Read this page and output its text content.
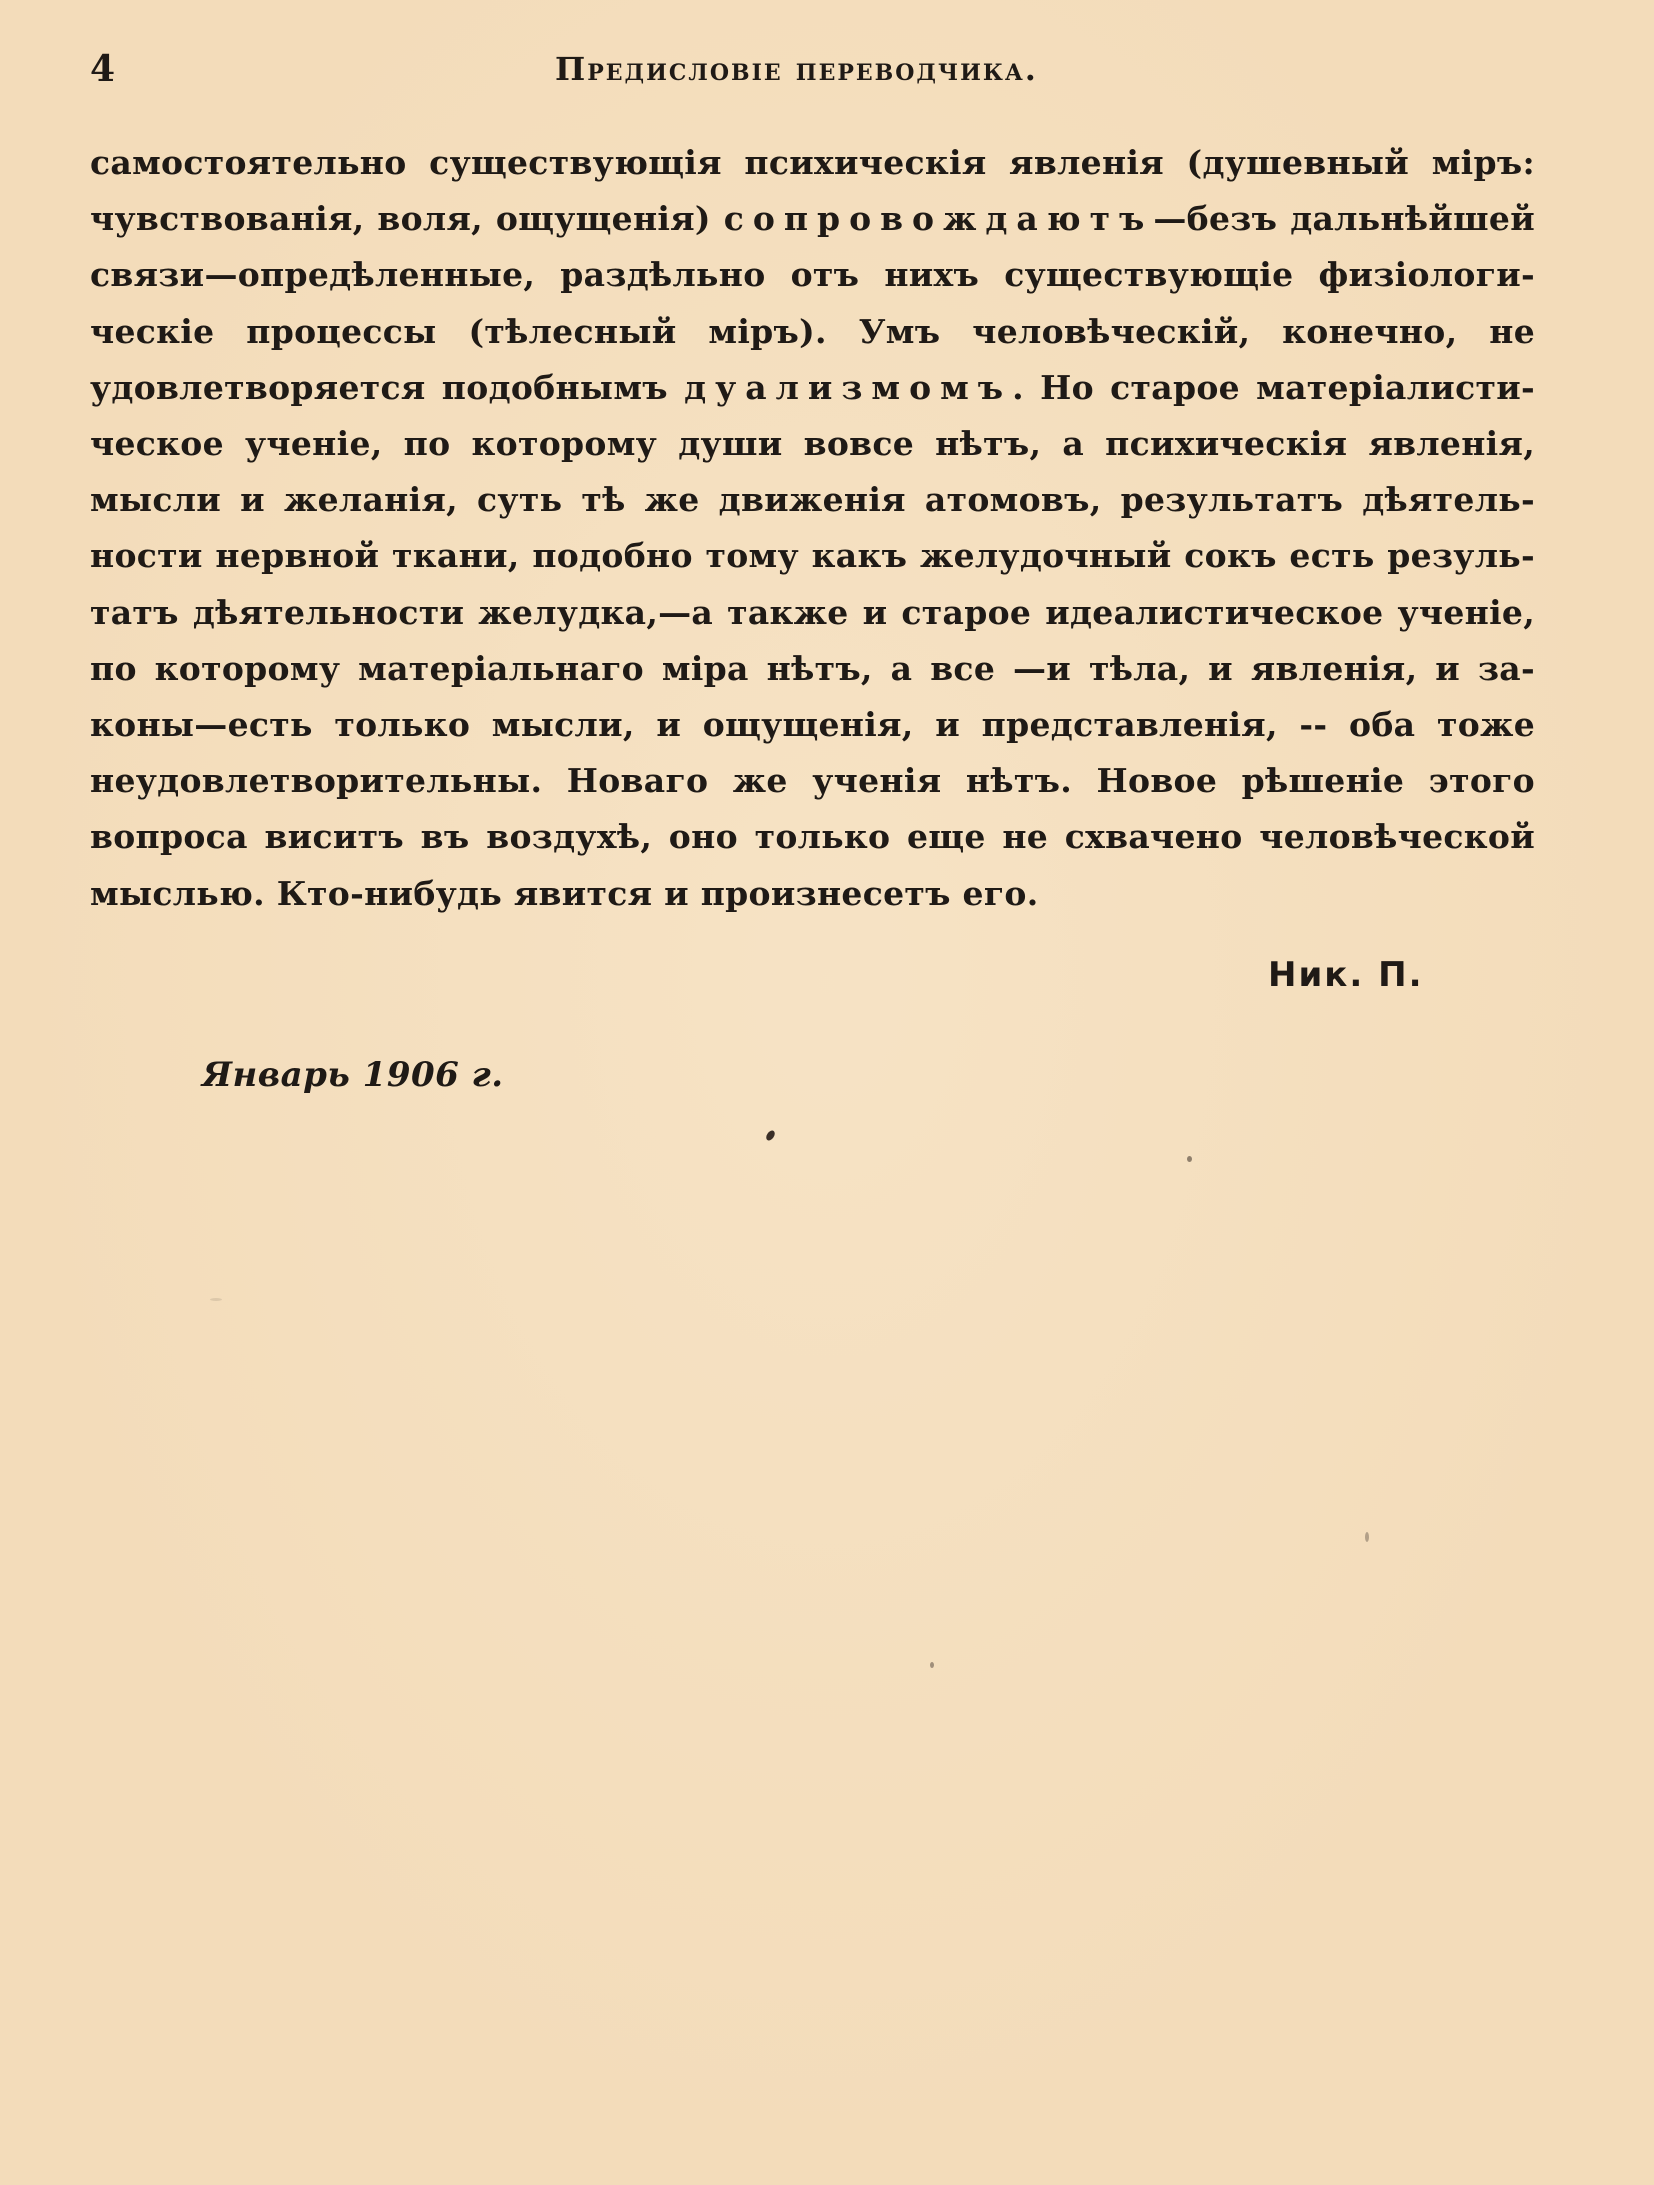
4	Предисловіе переводчика.
самостоятельно существующія психическія явленія (душевный міръ:
чувствованія, воля, ощущенія) сопровождаютъ—безъ дальнѣйшей
связи—опредѣленные, раздѣльно отъ нихъ существующіе физіологи-
ческіе процессы (тѣлесный міръ). Умъ человѣческій, конечно, не
удовлетворяется подобнымъ дуализмомъ. Но старое матеріалисти-
ческое ученіе, по которому души вовсе нѣтъ, а психическія явленія,
мысли и желанія, суть тѣ же движенія атомовъ, результатъ дѣятель-
ности нервной ткани, подобно тому какъ желудочный сокъ есть резуль-
татъ дѣятельности желудка,—а также и старое идеалистическое ученіе,
по которому матеріальнаго міра нѣтъ, а все —и тѣла, и явленія, и за-
коны—есть только мысли, и ощущенія, и представленія, -- оба тоже
неудовлетворительны. Новаго же ученія нѣтъ. Новое рѣшеніе этого
вопроса виситъ въ воздухѣ, оно только еще не схвачено человѣческой
мыслью. Кто-нибудь явится и произнесетъ его.
Ник. П.
Январь 1906 г.
